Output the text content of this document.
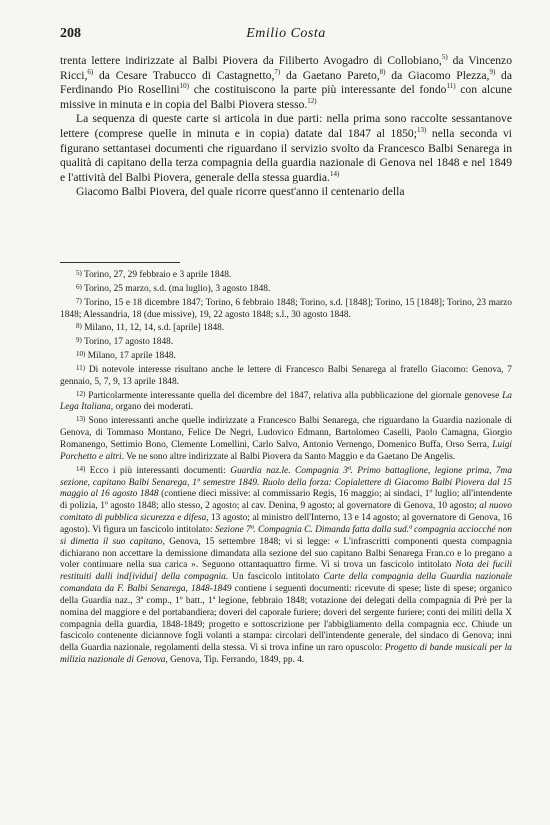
208	Emilio Costa

trenta lettere indirizzate al Balbi Piovera da Filiberto Avogadro di Collobiano,$^{5)}$ da Vincenzo Ricci,$^{6)}$ da Cesare Trabucco di Castagnetto,$^{7)}$ da Gaetano Pareto,$^{8)}$ da Giacomo Plezza,$^{9)}$ da Ferdinando Pio Rosellini$^{10)}$ che costituiscono la parte più interessante del fondo$^{11)}$ con alcune missive in minuta e in copia del Balbi Piovera stesso.$^{12)}$

La sequenza di queste carte si articola in due parti: nella prima sono raccolte sessantanove lettere (comprese quelle in minuta e in copia) datate dal 1847 al 1850;$^{13)}$ nella seconda vi figurano settantasei documenti che riguardano il servizio svolto da Francesco Balbi Senarega in qualità di capitano della terza compagnia della guardia nazionale di Genova nel 1848 e nel 1849 e l'attività del Balbi Piovera, generale della stessa guardia.$^{14)}$

Giacomo Balbi Piovera, del quale ricorre quest'anno il centenario della

$^{5)}$ Torino, 27, 29 febbraio e 3 aprile 1848.

$^{6)}$ Torino, 25 marzo, s.d. (ma luglio), 3 agosto 1848.

$^{7)}$ Torino, 15 e 18 dicembre 1847; Torino, 6 febbraio 1848; Torino, s.d. [1848]; Torino, 15 [1848]; Torino, 23 marzo 1848; Alessandria, 18 (due missive), 19, 22 agosto 1848; s.l., 30 agosto 1848.

$^{8)}$ Milano, 11, 12, 14, s.d. [aprile] 1848.

$^{9)}$ Torino, 17 agosto 1848.

$^{10)}$ Milano, 17 aprile 1848.

$^{11)}$ Di notevole interesse risultano anche le lettere di Francesco Balbi Senarega al fratello Giacomo: Genova, 7 gennaio, 5, 7, 9, 13 aprile 1848.

$^{12)}$ Particolarmente interessante quella del dicembre del 1847, relativa alla pubblicazione del giornale genovese La Lega Italiana, organo dei moderati.

$^{13)}$ Sono interessanti anche quelle indirizzate a Francesco Balbi Senarega, che riguardano la Guardia nazionale di Genova, di Tommaso Montano, Felice De Negri, Ludovico Edmann, Bartolomeo Caselli, Paolo Camagna, Giorgio Romanengo, Settimio Bono, Clemente Lomellini, Carlo Salvo, Antonio Vernengo, Domenico Buffa, Orso Serra, Luigi Porchetto e altri. Ve ne sono altre indirizzate al Balbi Piovera da Santo Maggio e da Gaetano De Angelis.

$^{14)}$ Ecco i più interessanti documenti: Guardia naz.le. Compagnia 3ª. Primo battaglione, legione prima, 7ma sezione, capitano Balbi Senarega, 1º semestre 1849. Ruolo della forza: Copialettere di Giacomo Balbi Piovera dal 15 maggio al 16 agosto 1848 (contiene dieci missive: al commissario Regis, 16 maggio; ai sindaci, 1º luglio; all'intendente di polizia, 1º agosto 1848; allo stesso, 2 agosto; al cav. Denina, 9 agosto; al governatore di Genova, 10 agosto; al nuovo comitato di pubblica sicurezza e difesa, 13 agosto; al ministro dell'Interno, 13 e 14 agosto; al governatore di Genova, 16 agosto). Vi figura un fascicolo intitolato: Sezione 7ª. Compagnia C. Dimanda fatta dalla sud.ª compagnia acciocché non si dimetta il suo capitano, Genova, 15 settembre 1848; vi si legge: « L'infrascritti componenti questa compagnia dichiarano non accettare la demissione dimandata alla sezione del suo capitano Balbi Senarega Fran.co e lo pregano a voler continuare nella sua carica ». Seguono ottantaquattro firme. Vi si trova un fascicolo intitolato Nota dei fucili restituiti dalli ind[ividui] della compagnia. Un fascicolo intitolato Carte della compagnia della Guardia nazionale comandata da F. Balbi Senarega, 1848-1849 contiene i seguenti documenti: ricevute di spese; liste di spese; organico della Guardia naz., 3ª comp., 1º batt., 1ª legione, febbraio 1848; votazione dei delegati della compagnia di Prè per la nomina del maggiore e del portabandiera; doveri del caporale furiere; doveri del sergente furiere; conti dei militi della X compagnia della guardia, 1848-1849; progetto e sottoscrizione per l'abbigliamento della compagnia ecc. Chiude un fascicolo contenente diciannove fogli volanti a stampa: circolari dell'intendente generale, del sindaco di Genova; inni della Guardia nazionale, regolamenti della stessa. Vi si trova infine un raro opuscolo: Progetto di bande musicali per la milizia nazionale di Genova, Genova, Tip. Ferrando, 1849, pp. 4.
